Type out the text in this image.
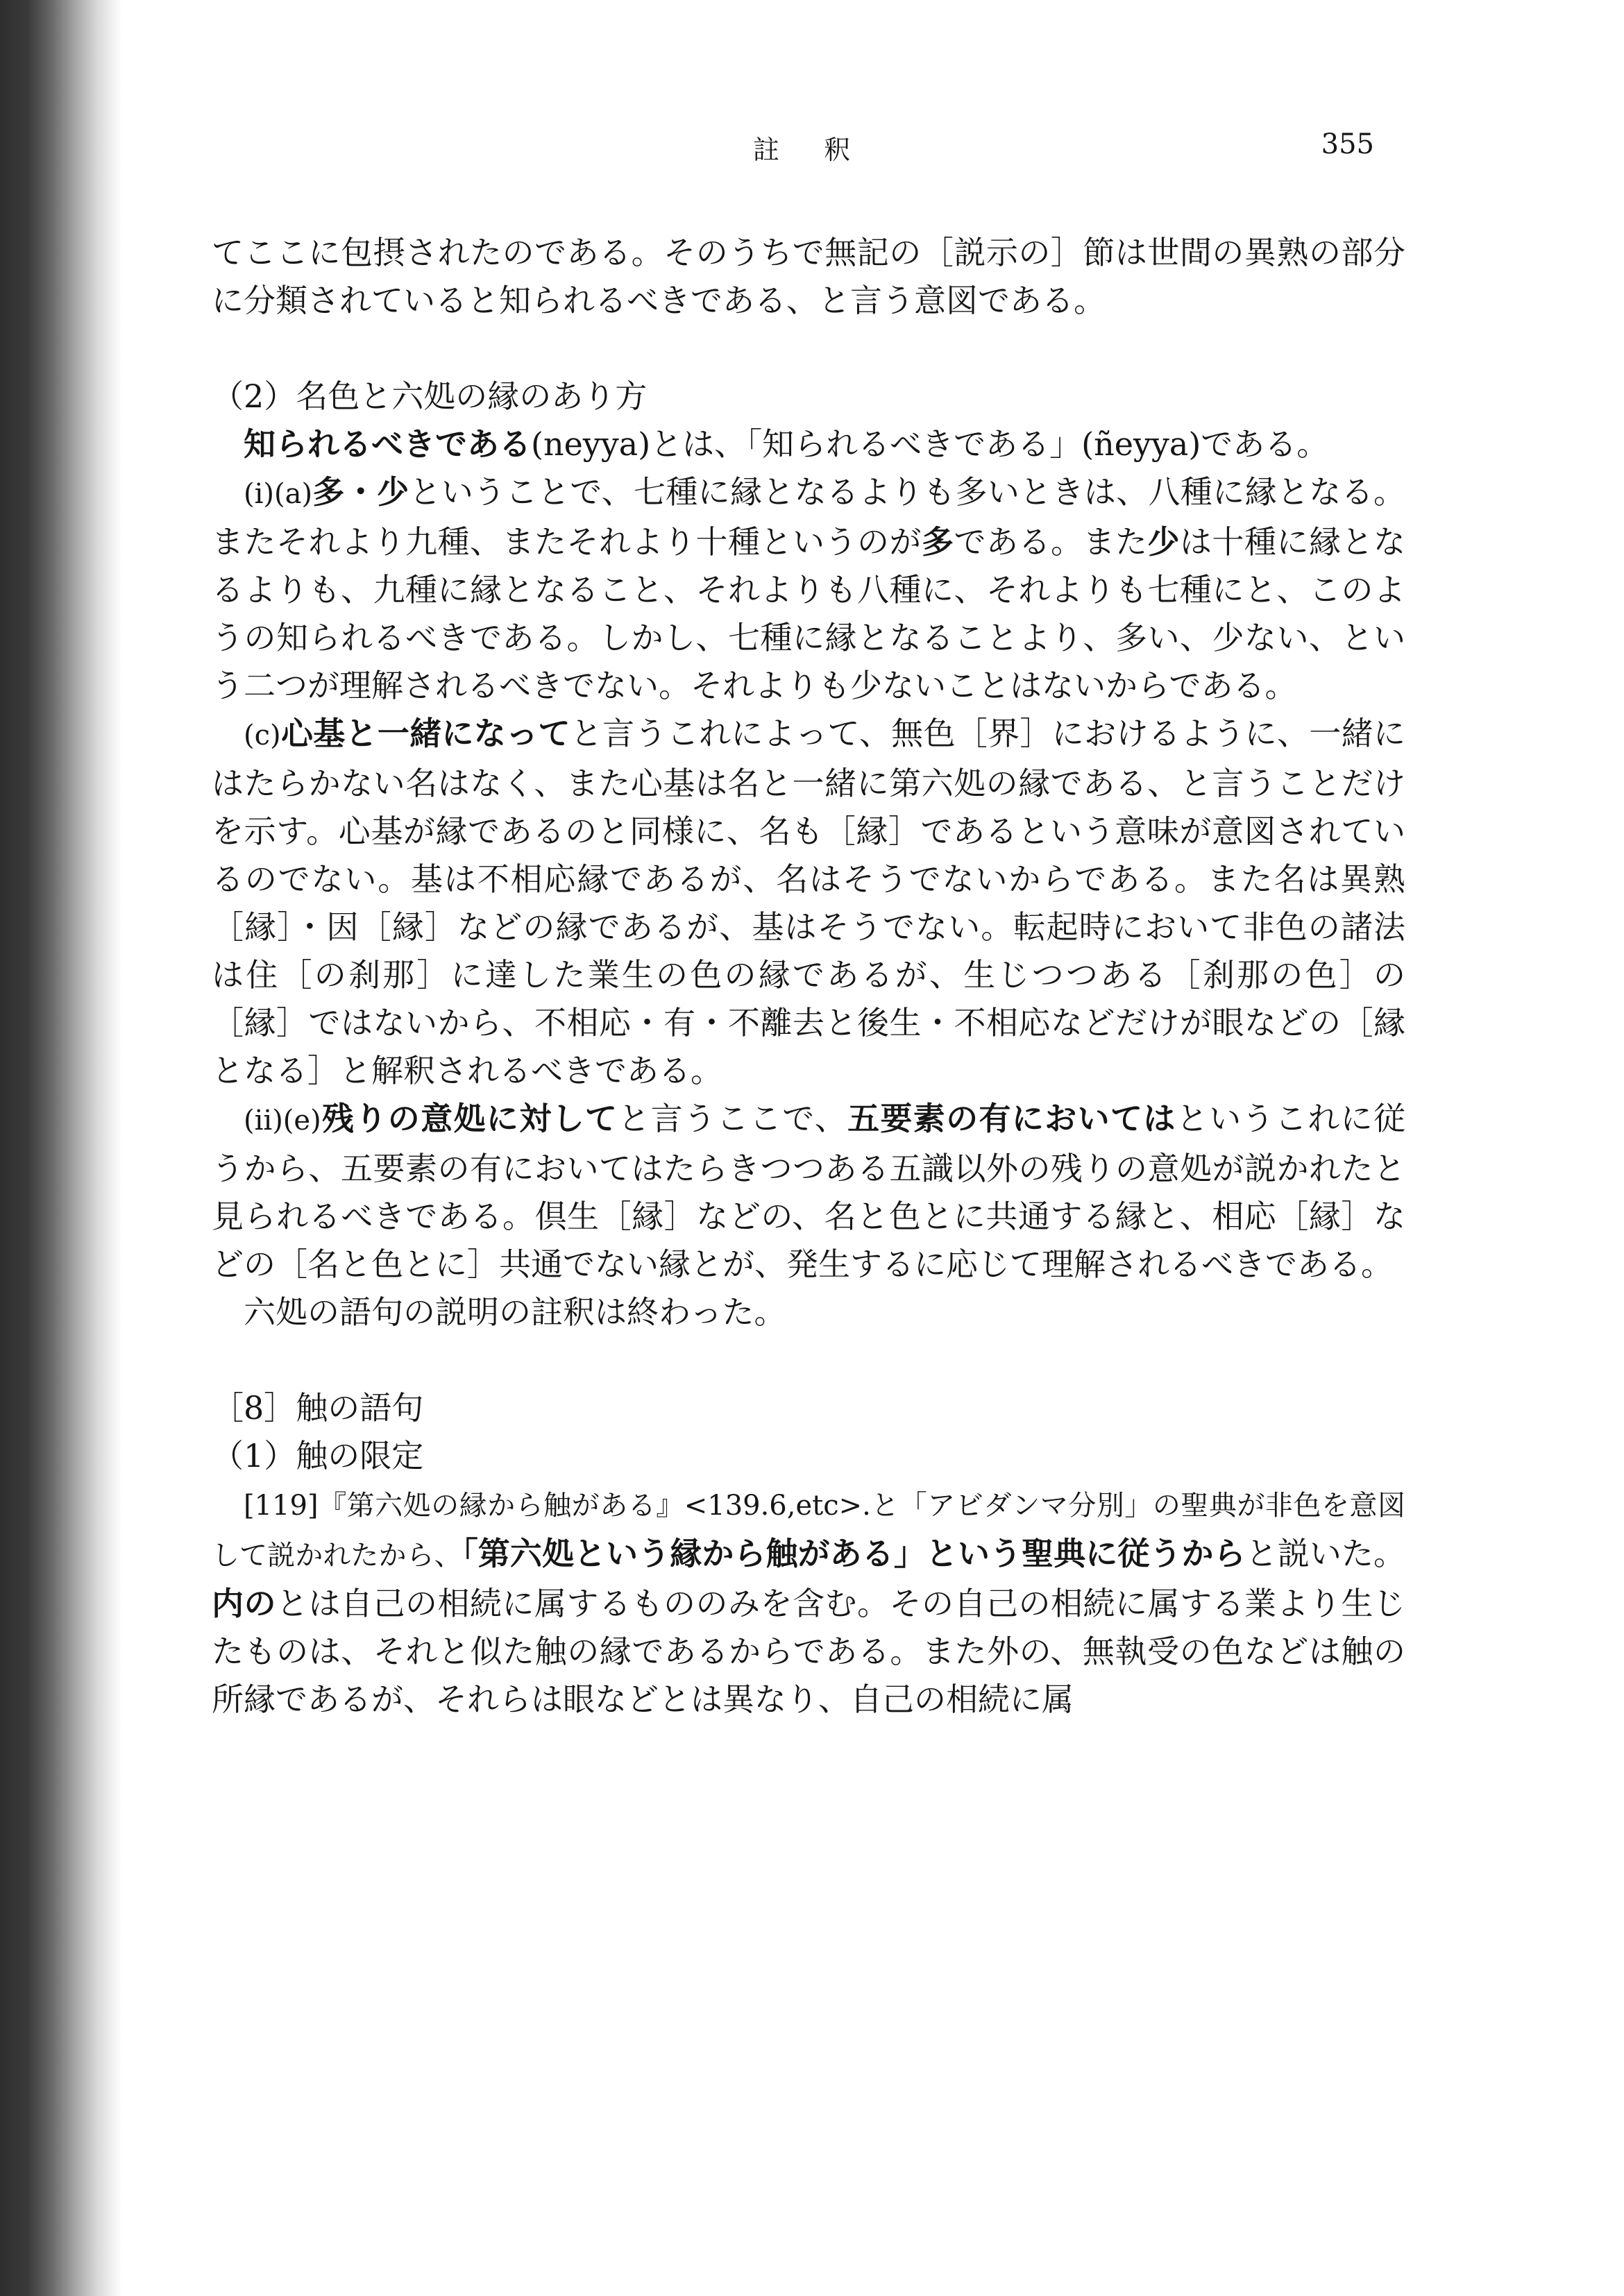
註 釈	355

てここに包摂されたのである。そのうちで無記の［説示の］節は世間の異熟の部分に分類されていると知られるべきである、と言う意図である。

（2）名色と六処の縁のあり方

知られるべきである(neyya)とは、「知られるべきである」(ñeyya)である。

(i)(a)多・少ということで、七種に縁となるよりも多いときは、八種に縁となる。またそれより九種、またそれより十種というのが多である。また少は十種に縁となるよりも、九種に縁となること、それよりも八種に、それよりも七種にと、このようの知られるべきである。しかし、七種に縁となることより、多い、少ない、という二つが理解されるべきでない。それよりも少ないことはないからである。

(c)心基と一緒になってと言うこれによって、無色［界］におけるように、一緒にはたらかない名はなく、また心基は名と一緒に第六処の縁である、と言うことだけを示す。心基が縁であるのと同様に、名も［縁］であるという意味が意図されているのでない。基は不相応縁であるが、名はそうでないからである。また名は異熟［縁］・因［縁］などの縁であるが、基はそうでない。転起時において非色の諸法は住［の刹那］に達した業生の色の縁であるが、生じつつある［刹那の色］の［縁］ではないから、不相応・有・不離去と後生・不相応などだけが眼などの［縁となる］と解釈されるべきである。

(ii)(e)残りの意処に対してと言うここで、五要素の有においてはというこれに従うから、五要素の有においてはたらきつつある五識以外の残りの意処が説かれたと見られるべきである。倶生［縁］などの、名と色とに共通する縁と、相応［縁］などの［名と色とに］共通でない縁とが、発生するに応じて理解されるべきである。

六処の語句の説明の註釈は終わった。

［8］触の語句

（1）触の限定

[119]『第六処の縁から触がある』<139.6,etc>.と「アビダンマ分別」の聖典が非色を意図して説かれたから、「第六処という縁から触がある」という聖典に従うからと説いた。内のとは自己の相続に属するもののみを含む。その自己の相続に属する業より生じたものは、それと似た触の縁であるからである。また外の、無執受の色などは触の所縁であるが、それらは眼などとは異なり、自己の相続に属
